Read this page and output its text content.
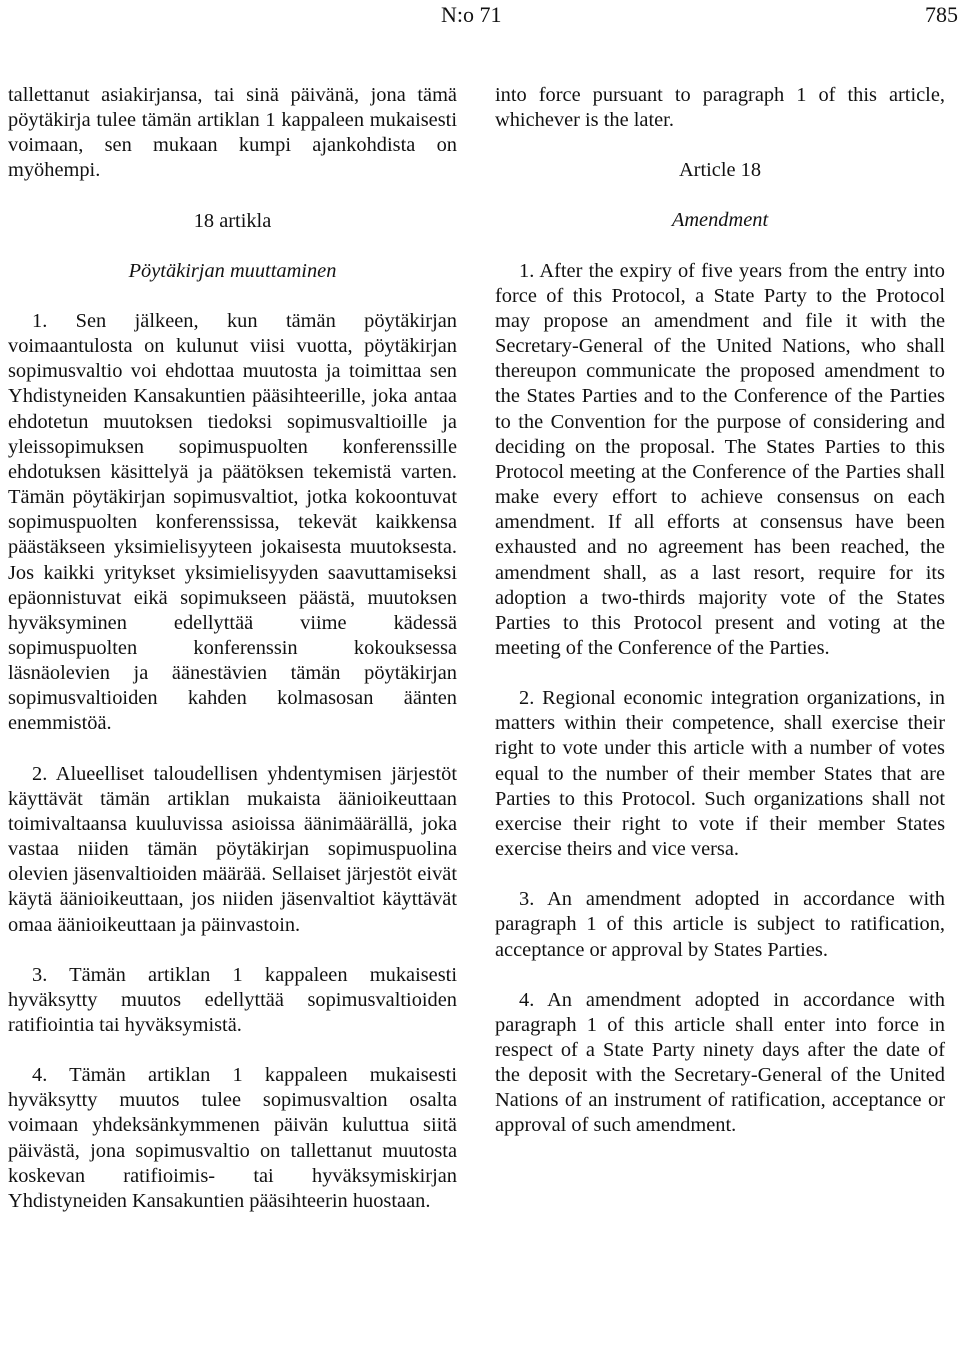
N:o 71	785

tallettanut asiakirjansa, tai sinä päivänä, jona tämä pöytäkirja tulee tämän artiklan 1 kappaleen mukaisesti voimaan, sen mukaan kumpi ajankohdista on myöhempi.

18 artikla

Pöytäkirjan muuttaminen

1. Sen jälkeen, kun tämän pöytäkirjan voimaantulosta on kulunut viisi vuotta, pöytäkirjan sopimusvaltio voi ehdottaa muutosta ja toimittaa sen Yhdistyneiden Kansakuntien pääsihteerille, joka antaa ehdotetun muutoksen tiedoksi sopimusvaltioille ja yleissopimuksen sopimuspuolten konferenssille ehdotuksen käsittelyä ja päätöksen tekemistä varten. Tämän pöytäkirjan sopimusvaltiot, jotka kokoontuvat sopimuspuolten konferenssissa, tekevät kaikkensa päästäkseen yksimielisyyteen jokaisesta muutoksesta. Jos kaikki yritykset yksimielisyyden saavuttamiseksi epäonnistuvat eikä sopimukseen päästä, muutoksen hyväksyminen edellyttää viime kädessä sopimuspuolten konferenssin kokouksessa läsnäolevien ja äänestävien tämän pöytäkirjan sopimusvaltioiden kahden kolmasosan äänten enemmistöä.

2. Alueelliset taloudellisen yhdentymisen järjestöt käyttävät tämän artiklan mukaista äänioikeuttaan toimivaltaansa kuuluvissa asioissa äänimäärällä, joka vastaa niiden tämän pöytäkirjan sopimuspuolina olevien jäsenvaltioiden määrää. Sellaiset järjestöt eivät käytä äänioikeuttaan, jos niiden jäsenvaltiot käyttävät omaa äänioikeuttaan ja päinvastoin.

3. Tämän artiklan 1 kappaleen mukaisesti hyväksytty muutos edellyttää sopimusvaltioiden ratifiointia tai hyväksymistä.

4. Tämän artiklan 1 kappaleen mukaisesti hyväksytty muutos tulee sopimusvaltion osalta voimaan yhdeksänkymmenen päivän kuluttua siitä päivästä, jona sopimusvaltio on tallettanut muutosta koskevan ratifioimis- tai hyväksymiskirjan Yhdistyneiden Kansakuntien pääsihteerin huostaan.

into force pursuant to paragraph 1 of this article, whichever is the later.

Article 18

Amendment

1. After the expiry of five years from the entry into force of this Protocol, a State Party to the Protocol may propose an amendment and file it with the Secretary-General of the United Nations, who shall thereupon communicate the proposed amendment to the States Parties and to the Conference of the Parties to the Convention for the purpose of considering and deciding on the proposal. The States Parties to this Protocol meeting at the Conference of the Parties shall make every effort to achieve consensus on each amendment. If all efforts at consensus have been exhausted and no agreement has been reached, the amendment shall, as a last resort, require for its adoption a two-thirds majority vote of the States Parties to this Protocol present and voting at the meeting of the Conference of the Parties.

2. Regional economic integration organizations, in matters within their competence, shall exercise their right to vote under this article with a number of votes equal to the number of their member States that are Parties to this Protocol. Such organizations shall not exercise their right to vote if their member States exercise theirs and vice versa.

3. An amendment adopted in accordance with paragraph 1 of this article is subject to ratification, acceptance or approval by States Parties.

4. An amendment adopted in accordance with paragraph 1 of this article shall enter into force in respect of a State Party ninety days after the date of the deposit with the Secretary-General of the United Nations of an instrument of ratification, acceptance or approval of such amendment.
